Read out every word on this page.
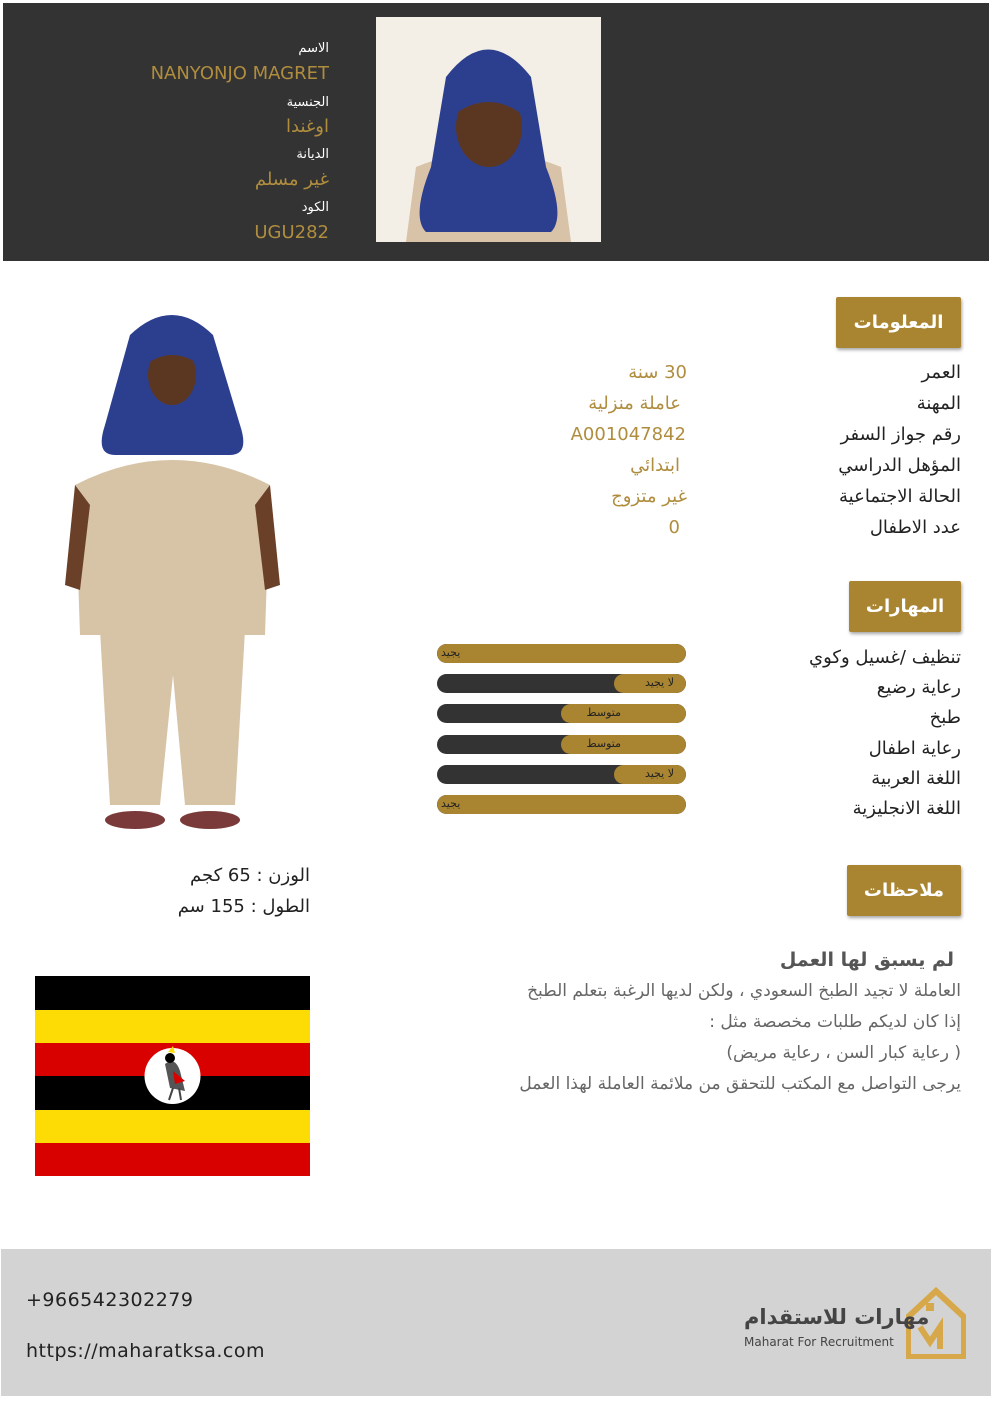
الاسم
NANYONJO MAGRET
الجنسية
اوغندا
الديانة
غير مسلم
الكود
UGU282
المعلومات
العمر
30 سنة
المهنة
عاملة منزلية
رقم جواز السفر
A001047842
المؤهل الدراسي
ابتدائي
الحالة الاجتماعية
غير متزوج
عدد الاطفال
0
المهارات
تنظيف /غسيل وكوي
يجيد
رعاية رضيع
لا يجيد
طبخ
متوسط
رعاية اطفال
متوسط
اللغة العربية
لا يجيد
اللغة الانجليزية
يجيد
الوزن : 65 كجم
الطول : 155 سم
ملاحظات
لم يسبق لها العمل
العاملة لا تجيد الطبخ السعودي ، ولكن لديها الرغبة بتعلم الطبخ
إذا كان لديكم طلبات مخصصة مثل :
( رعاية كبار السن ، رعاية مريض)
يرجى التواصل مع المكتب للتحقق من ملائمة العاملة لهذا العمل
+966542302279
https://maharatksa.com
مهارات للاستقدام
Maharat For Recruitment
